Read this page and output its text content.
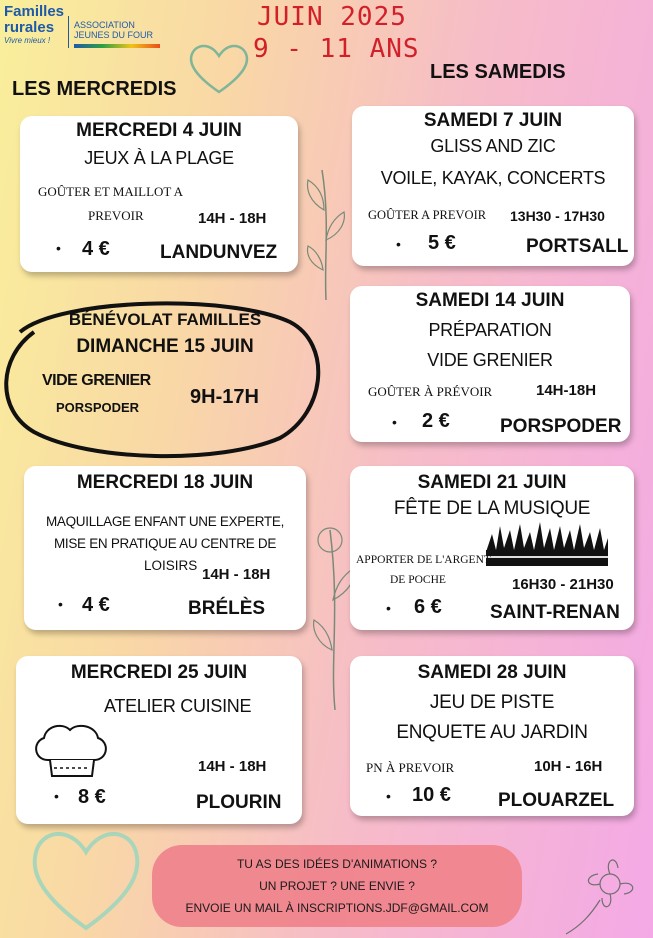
Familles
rurales
Vivre mieux !
ASSOCIATION
JEUNES DU FOUR
JUIN 2025
9 - 11 ANS
LES MERCREDIS
LES SAMEDIS
MERCREDI 4 JUIN
JEUX À LA PLAGE
GOÛTER ET MAILLOT A
PREVOIR	14H - 18H
• 4 €	LANDUNVEZ
BÉNÉVOLAT FAMILLES
DIMANCHE 15 JUIN
VIDE GRENIER
PORSPODER	9H-17H
MERCREDI 18 JUIN
MAQUILLAGE ENFANT UNE EXPERTE,
MISE EN PRATIQUE AU CENTRE DE
LOISIRS
14H - 18H
• 4 €	BRÉLÈS
MERCREDI 25 JUIN
ATELIER CUISINE
14H - 18H
• 8 €	PLOURIN
SAMEDI 7 JUIN
GLISS AND ZIC
VOILE, KAYAK, CONCERTS
GOÛTER A PREVOIR 13H30 - 17H30
• 5 €	PORTSALL
SAMEDI 14 JUIN
PRÉPARATION
VIDE GRENIER
GOÛTER À PRÉVOIR	14H-18H
• 2 €	PORSPODER
SAMEDI 21 JUIN
FÊTE DE LA MUSIQUE
APPORTER DE L'ARGENT
DE POCHE	16H30 - 21H30
• 6 €	SAINT-RENAN
SAMEDI 28 JUIN
JEU DE PISTE
ENQUETE AU JARDIN
PN À PREVOIR	10H - 16H
• 10 € PLOUARZEL
TU AS DES IDÉES D'ANIMATIONS ?
UN PROJET ? UNE ENVIE ?
ENVOIE UN MAIL À INSCRIPTIONS.JDF@GMAIL.COM
